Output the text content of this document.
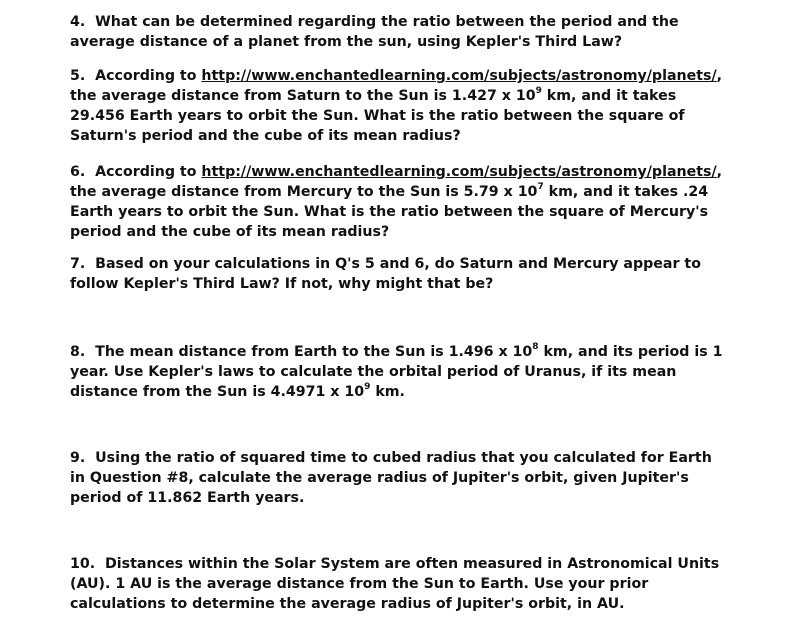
4. What can be determined regarding the ratio between the period and the average distance of a planet from the sun, using Kepler's Third Law?
5. According to http://www.enchantedlearning.com/subjects/astronomy/planets/, the average distance from Saturn to the Sun is 1.427 x $10^9$ km, and it takes 29.456 Earth years to orbit the Sun. What is the ratio between the square of Saturn's period and the cube of its mean radius?
6. According to http://www.enchantedlearning.com/subjects/astronomy/planets/, the average distance from Mercury to the Sun is 5.79 x $10^7$ km, and it takes .24 Earth years to orbit the Sun. What is the ratio between the square of Mercury's period and the cube of its mean radius?
7. Based on your calculations in Q's 5 and 6, do Saturn and Mercury appear to follow Kepler's Third Law? If not, why might that be?
8. The mean distance from Earth to the Sun is 1.496 x $10^8$ km, and its period is 1 year. Use Kepler's laws to calculate the orbital period of Uranus, if its mean distance from the Sun is 4.4971 x $10^9$ km.
9. Using the ratio of squared time to cubed radius that you calculated for Earth in Question #8, calculate the average radius of Jupiter's orbit, given Jupiter's period of 11.862 Earth years.
10. Distances within the Solar System are often measured in Astronomical Units (AU). 1 AU is the average distance from the Sun to Earth. Use your prior calculations to determine the average radius of Jupiter's orbit, in AU.
